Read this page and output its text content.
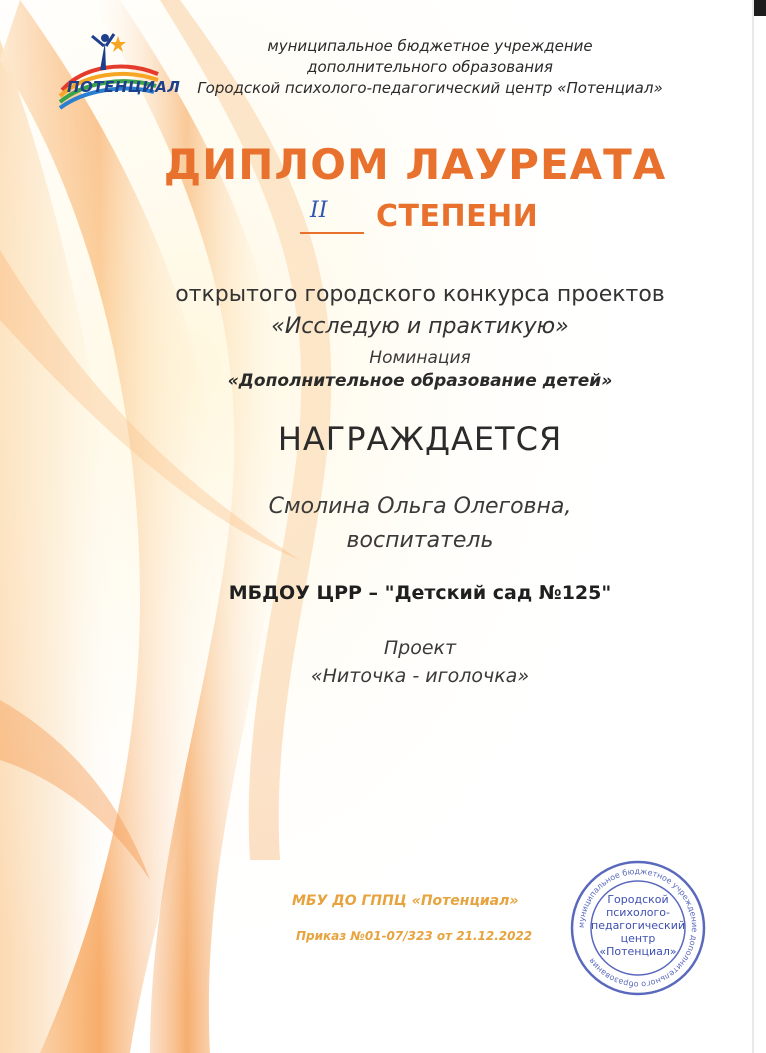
ПОТЕНЦИАЛ
муниципальное бюджетное учреждение
дополнительного образования
Городской психолого-педагогический центр «Потенциал»
ДИПЛОМ ЛАУРЕАТА
II СТЕПЕНИ
открытого городского конкурса проектов
«Исследую и практикую»
Номинация
«Дополнительное образование детей»
НАГРАЖДАЕТСЯ
Смолина Ольга Олеговна,
воспитатель
МБДОУ ЦРР – "Детский сад №125"
Проект
«Ниточка - иголочка»
МБУ ДО ГППЦ «Потенциал»
Приказ №01-07/323 от 21.12.2022
муниципальное бюджетное учреждение дополнительного образования
Городской
психолого-
педагогический
центр
«Потенциал»
